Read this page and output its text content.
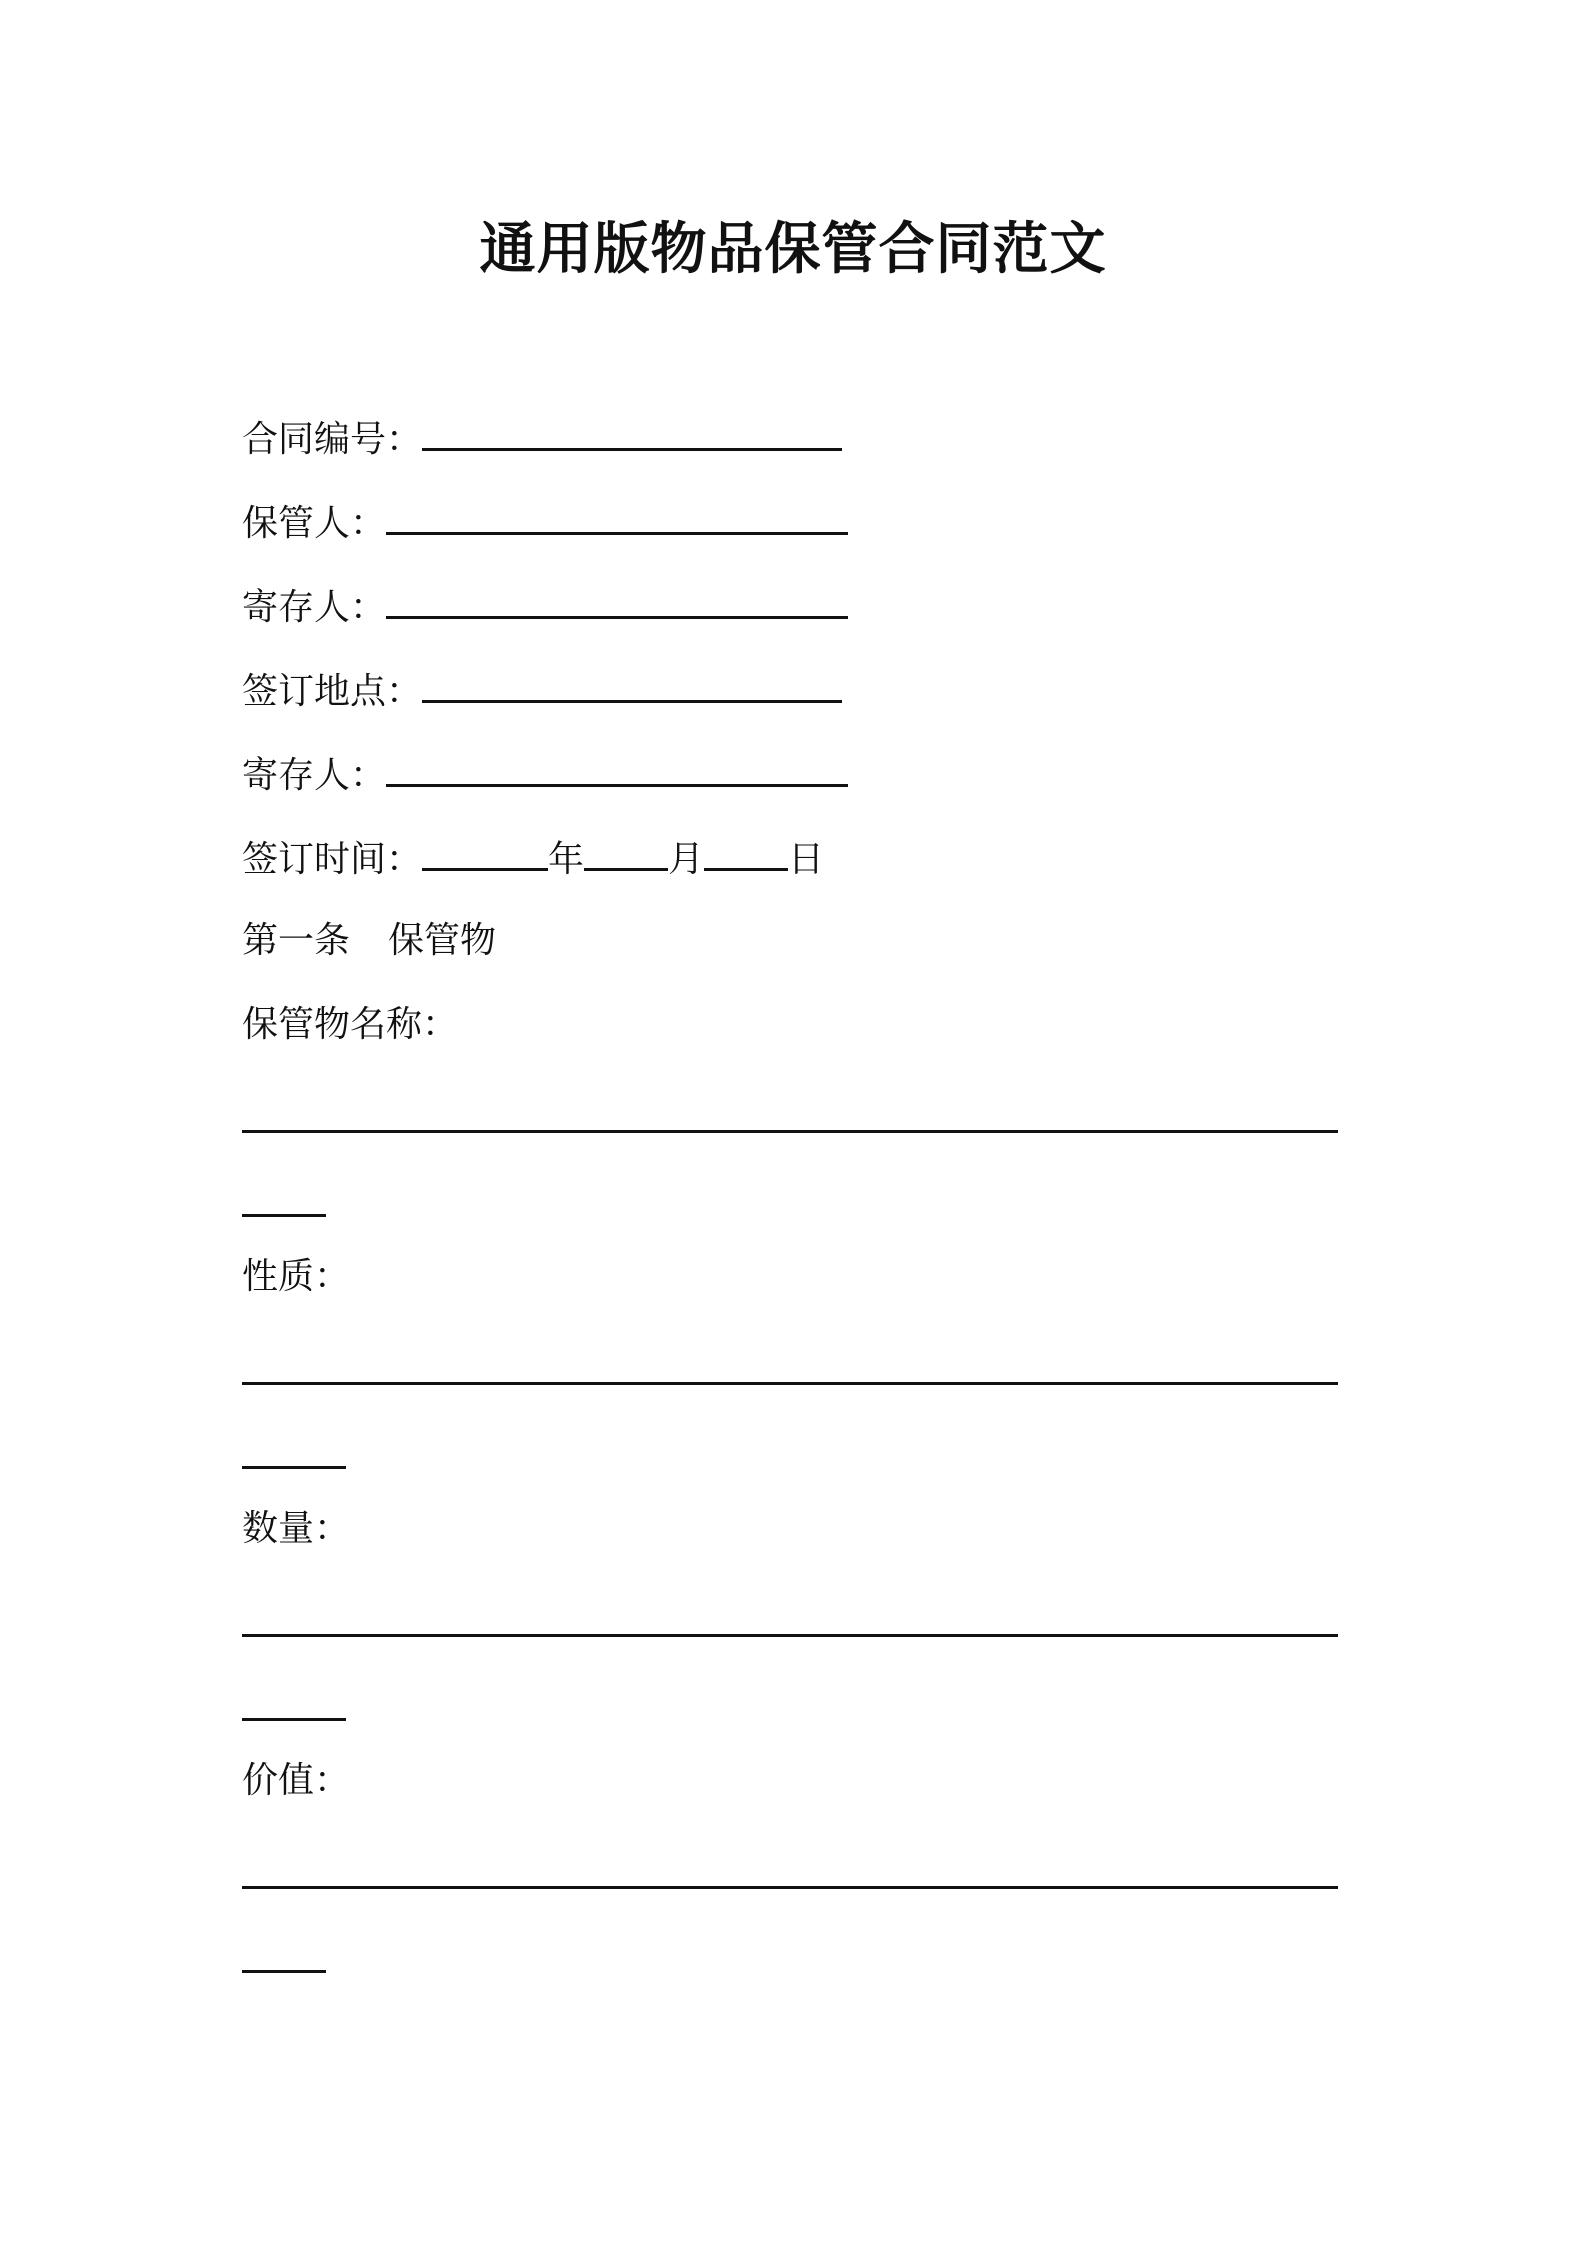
通用版物品保管合同范文
合同编号：
保管人：
寄存人：
签订地点：
寄存人：
签订时间：	年 月 日
第一条 保管物
保管物名称：
性质：
数量：
价值：
